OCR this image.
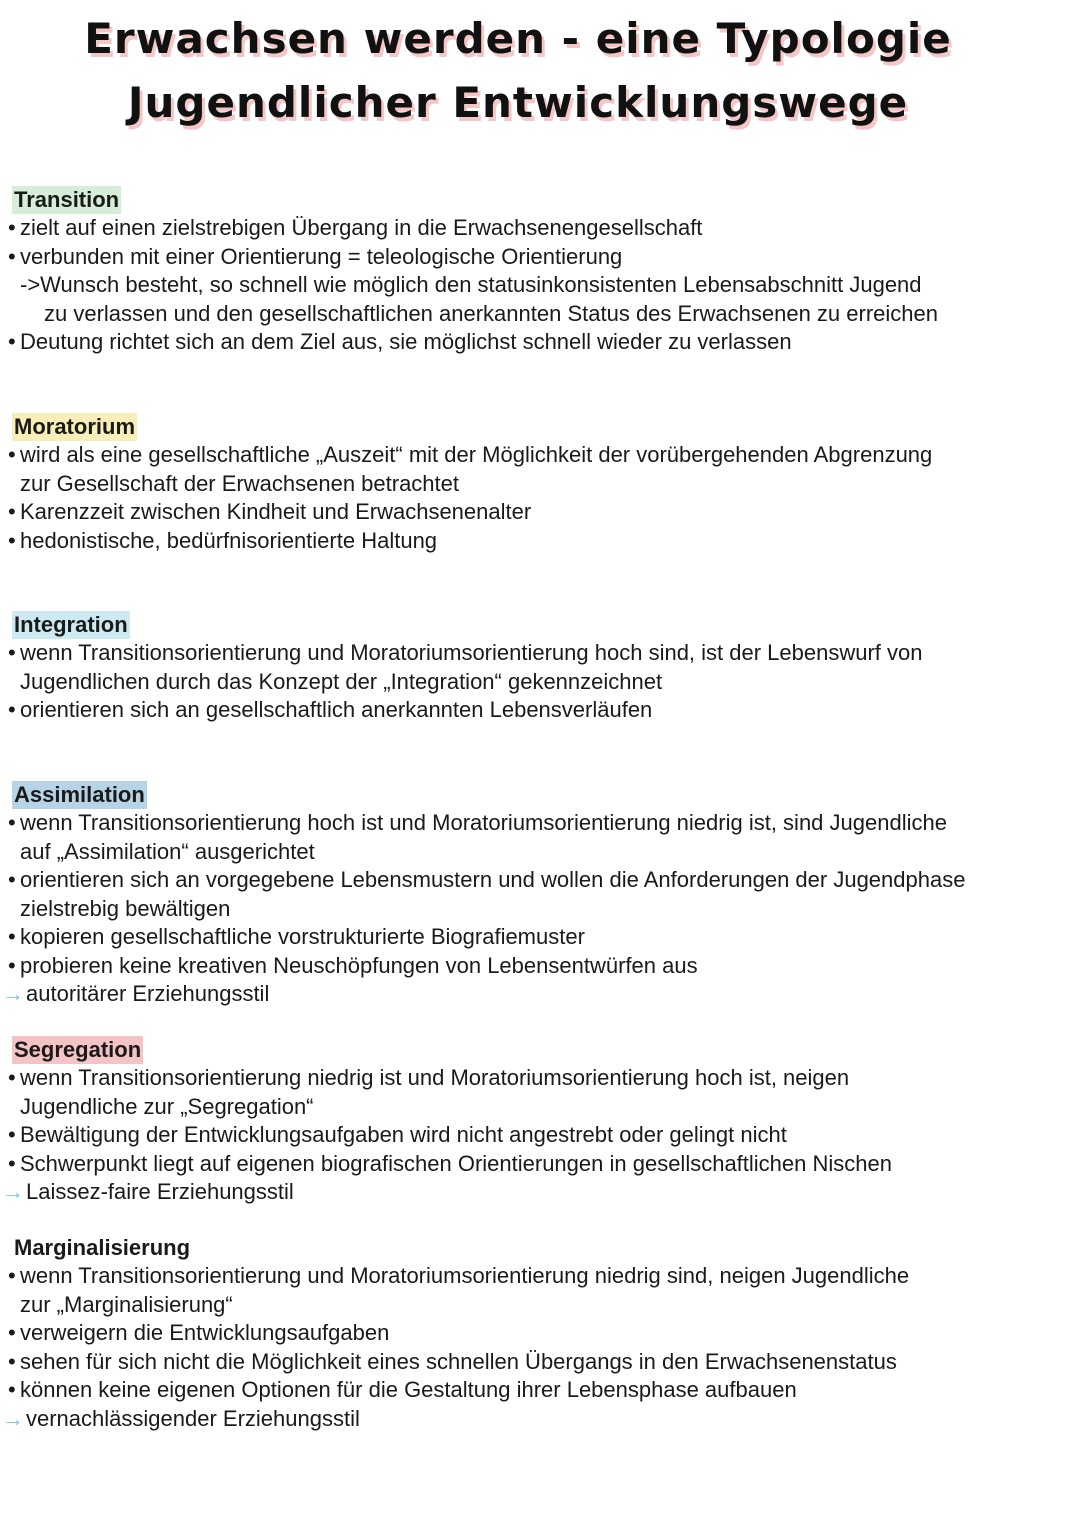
Erwachsen werden - eine Typologie
Jugendlicher Entwicklungswege
Transition
• zielt auf einen zielstrebigen Übergang in die Erwachsenengesellschaft
• verbunden mit einer Orientierung = teleologische Orientierung
->Wunsch besteht, so schnell wie möglich den statusinkonsistenten Lebensabschnitt Jugend
zu verlassen und den gesellschaftlichen anerkannten Status des Erwachsenen zu erreichen
• Deutung richtet sich an dem Ziel aus, sie möglichst schnell wieder zu verlassen
Moratorium
• wird als eine gesellschaftliche „Auszeit“ mit der Möglichkeit der vorübergehenden Abgrenzung
zur Gesellschaft der Erwachsenen betrachtet
• Karenzzeit zwischen Kindheit und Erwachsenenalter
• hedonistische, bedürfnisorientierte Haltung
Integration
• wenn Transitionsorientierung und Moratoriumsorientierung hoch sind, ist der Lebenswurf von
Jugendlichen durch das Konzept der „Integration“ gekennzeichnet
• orientieren sich an gesellschaftlich anerkannten Lebensverläufen
Assimilation
• wenn Transitionsorientierung hoch ist und Moratoriumsorientierung niedrig ist, sind Jugendliche
auf „Assimilation“ ausgerichtet
• orientieren sich an vorgegebene Lebensmustern und wollen die Anforderungen der Jugendphase
zielstrebig bewältigen
• kopieren gesellschaftliche vorstrukturierte Biografiemuster
• probieren keine kreativen Neuschöpfungen von Lebensentwürfen aus
→ autoritärer Erziehungsstil
Segregation
• wenn Transitionsorientierung niedrig ist und Moratoriumsorientierung hoch ist, neigen
Jugendliche zur „Segregation“
• Bewältigung der Entwicklungsaufgaben wird nicht angestrebt oder gelingt nicht
• Schwerpunkt liegt auf eigenen biografischen Orientierungen in gesellschaftlichen Nischen
→ Laissez-faire Erziehungsstil
Marginalisierung
• wenn Transitionsorientierung und Moratoriumsorientierung niedrig sind, neigen Jugendliche
zur „Marginalisierung“
• verweigern die Entwicklungsaufgaben
• sehen für sich nicht die Möglichkeit eines schnellen Übergangs in den Erwachsenenstatus
• können keine eigenen Optionen für die Gestaltung ihrer Lebensphase aufbauen
→ vernachlässigender Erziehungsstil
